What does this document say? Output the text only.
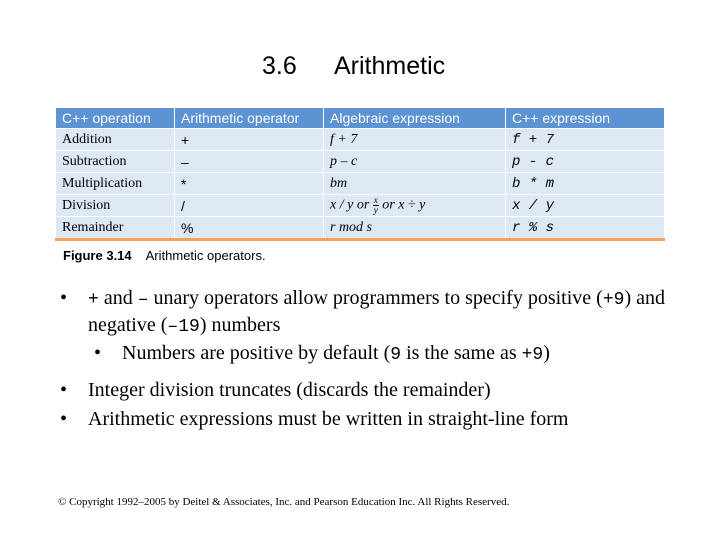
3.6 Arithmetic
C++ operation	Arithmetic operator	Algebraic expression	C++ expression
Addition	+	f + 7	f + 7
Subtraction	–	p – c	p - c
Multiplication	*	bm	b * m
Division	/	x / y or $\frac{x}{y}$ or x ÷ y	x / y
Remainder	%	r mod s	r % s
Figure 3.14 Arithmetic operators.
• + and – unary operators allow programmers to specify positive (+9) and negative (–19) numbers
• Numbers are positive by default (9 is the same as +9)
• Integer division truncates (discards the remainder)
• Arithmetic expressions must be written in straight-line form
© Copyright 1992–2005 by Deitel & Associates, Inc. and Pearson Education Inc. All Rights Reserved.
